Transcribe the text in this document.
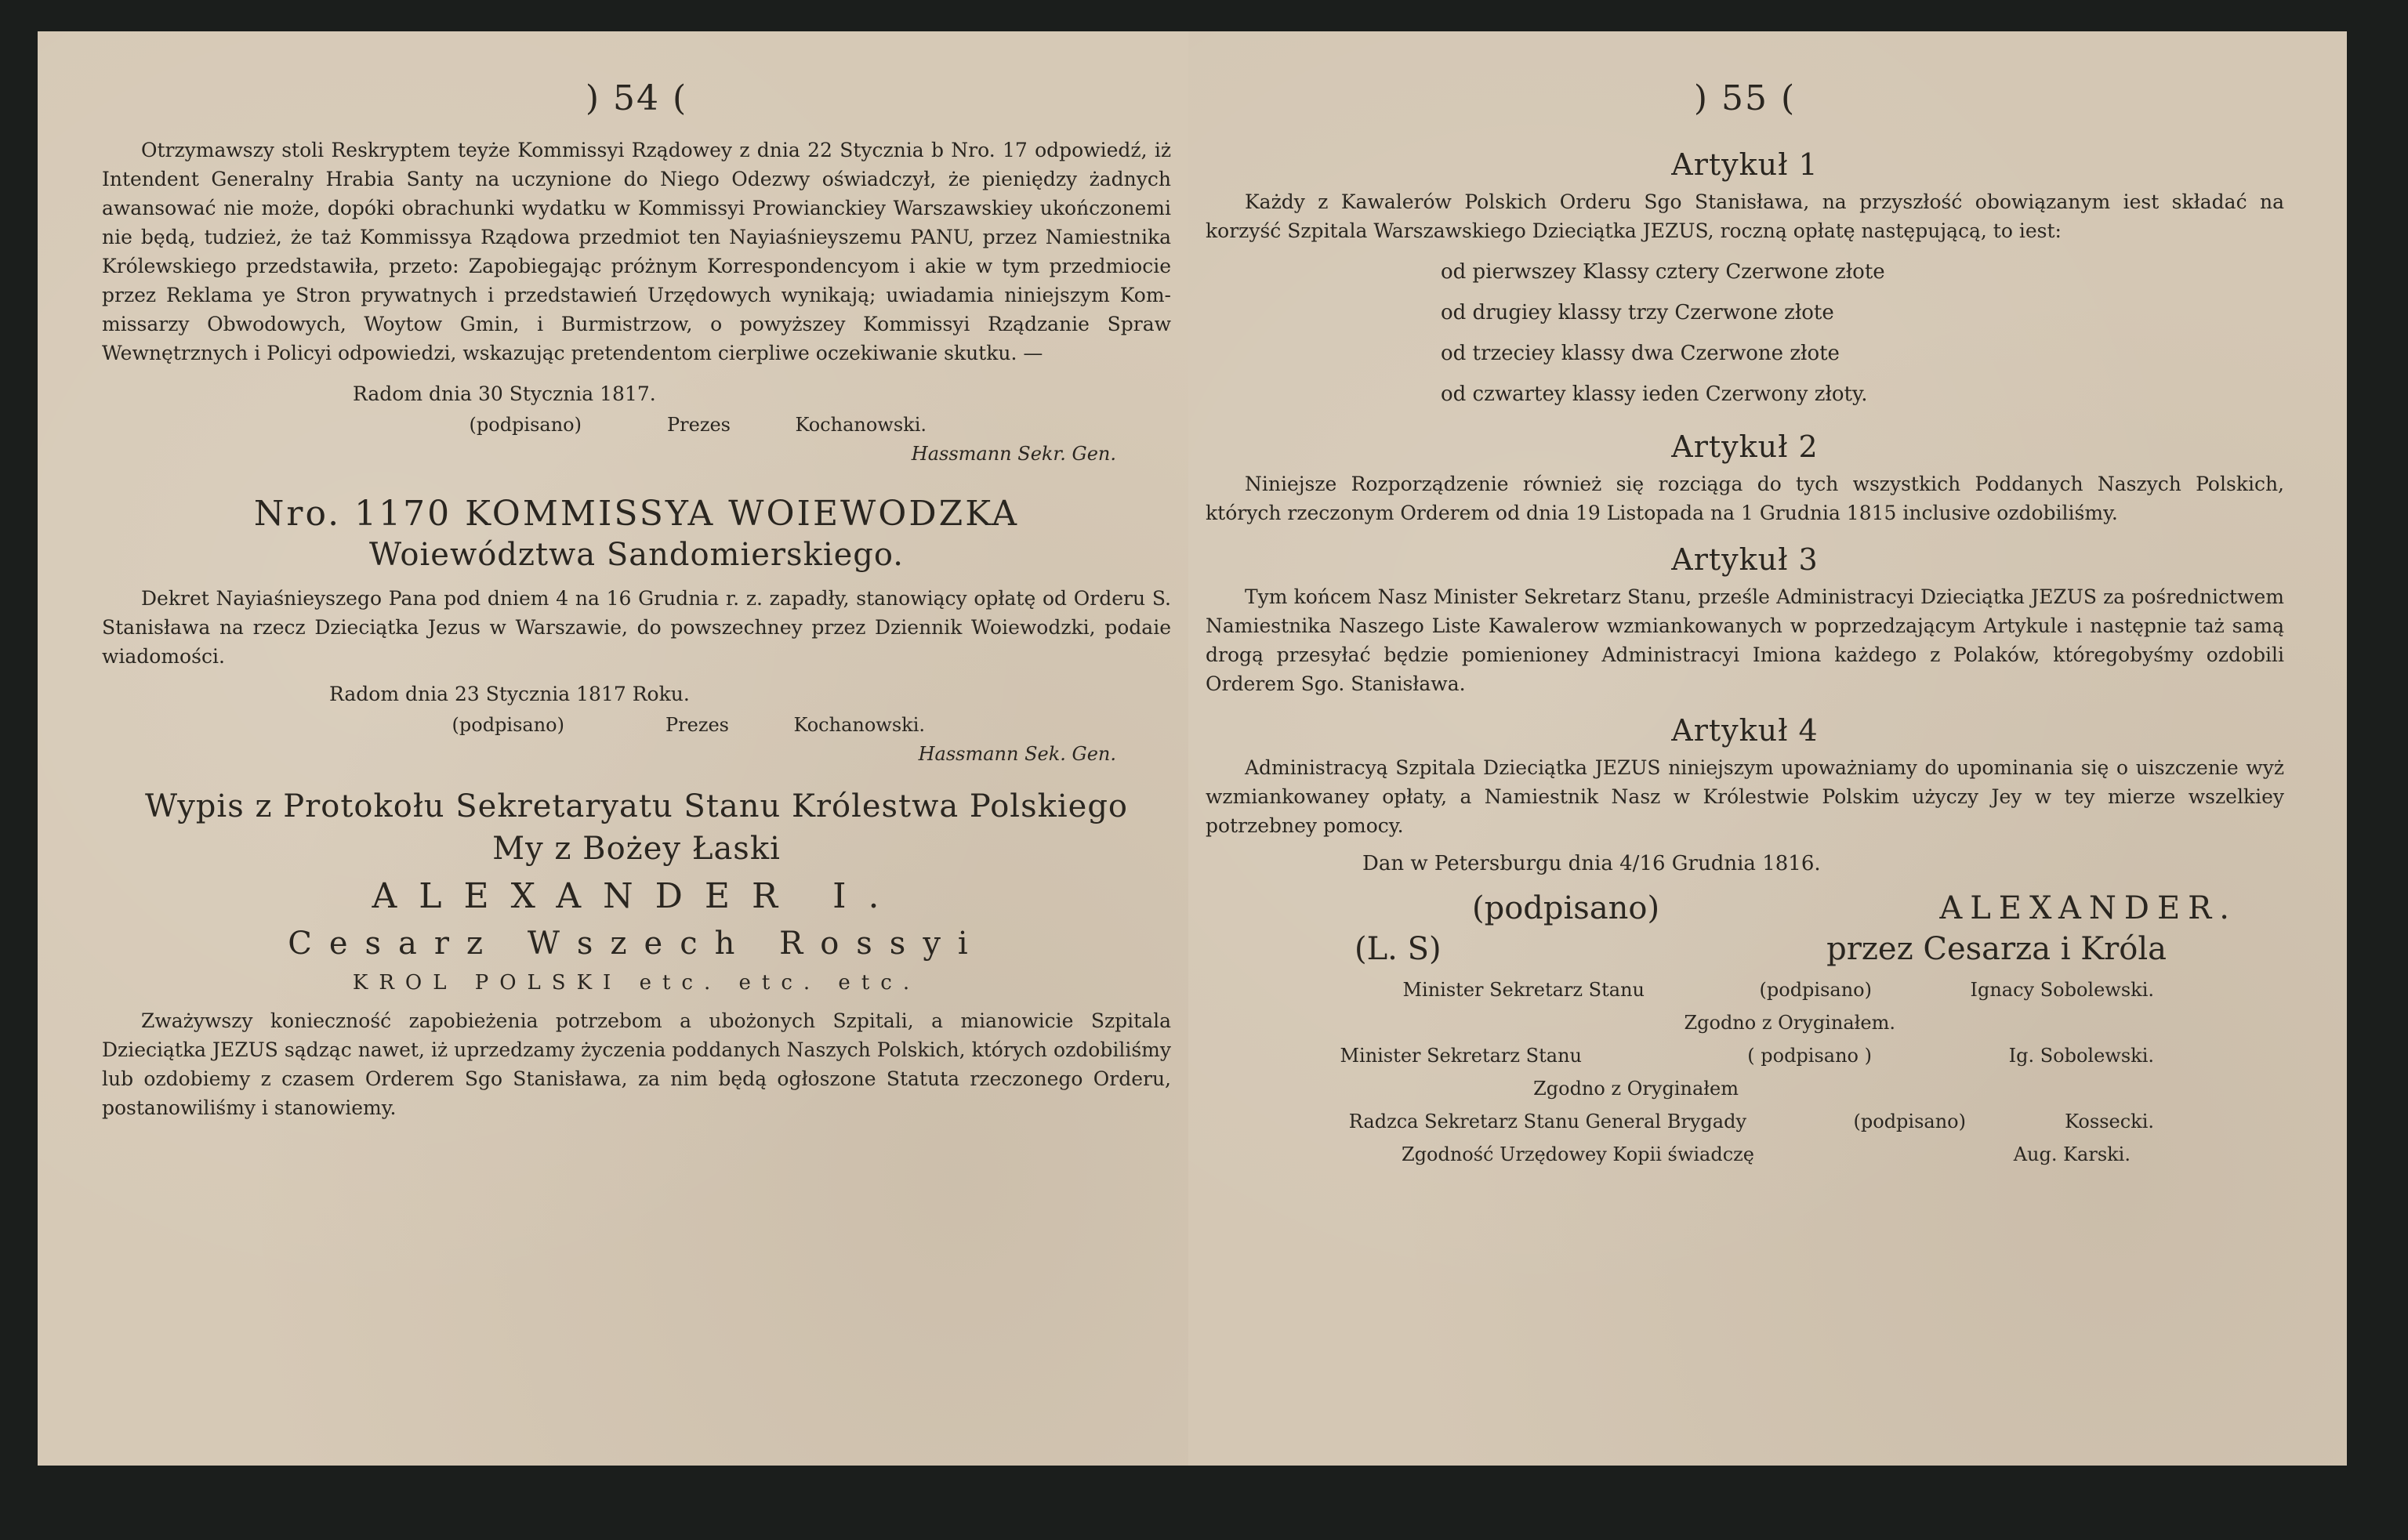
) 54 (

Otrzymawszy stoli Reskryptem teyże Kommissyi Rządowey z dnia 22 Stycznia b Nro. 17 odpowiedź, iż Intendent Generalny Hrabia Santy na uczynione do Niego Odezwy oświadczył, że pieniędzy żadnych awansować nie może, dopóki obrachunki wydatku w Kommissyi Prowianckiey Warszawskiey ukończonemi nie będą, tudzież, że taż Kommissya Rządowa przedmiot ten Nayiaśnieyszemu PANU, przez Namiestnika Królewskiego przedstawiła, przeto: Zapobiegając próżnym Korrespondencyom i akie w tym przedmiocie przez Reklama ye Stron prywatnych i przedstawień Urzędowych wynikają; uwiadamia niniejszym Kom-missarzy Obwodowych, Woytow Gmin, i Burmistrzow, o powyższey Kommissyi Rządzanie Spraw Wewnętrznych i Policyi odpowiedzi, wskazując pretendentom cierpliwe oczekiwanie skutku. —

Radom dnia 30 Stycznia 1817.
(podpisano)	Prezes	Kochanowski.
Hassmann Sekr. Gen.
Nro. 1170 KOMMISSYA WOIEWODZKA
Woiewództwa Sandomierskiego.

Dekret Nayiaśnieyszego Pana pod dniem 4 na 16 Grudnia r. z. zapadły, stanowiący opłatę od Orderu S. Stanisława na rzecz Dzieciątka Jezus w Warszawie, do powszechney przez Dziennik Woiewodzki, podaie wiadomości.

Radom dnia 23 Stycznia 1817 Roku.
(podpisano)	Prezes	Kochanowski.
Hassmann Sek. Gen.
Wypis z Protokołu Sekretaryatu Stanu Królestwa Polskiego
My z Bożey Łaski
ALEXANDER I.
Cesarz Wszech Rossyi
KROL POLSKI etc. etc. etc.

Zważywszy konieczność zapobieżenia potrzebom a ubożonych Szpitali, a mianowicie Szpitala Dzieciątka JEZUS sądząc nawet, iż uprzedzamy życzenia poddanych Naszych Polskich, których ozdobiliśmy lub ozdobiemy z czasem Orderem Sgo Stanisława, za nim będą ogłoszone Statuta rzeczonego Orderu, postanowiliśmy i stanowiemy.

) 55 (
Artykuł 1

Każdy z Kawalerów Polskich Orderu Sgo Stanisława, na przyszłość obowiązanym iest składać na korzyść Szpitala Warszawskiego Dzieciątka JEZUS, roczną opłatę następującą, to iest:

od pierwszey Klassy cztery Czerwone złote
od drugiey klassy trzy Czerwone złote
od trzeciey klassy dwa Czerwone złote
od czwartey klassy ieden Czerwony złoty.
Artykuł 2

Niniejsze Rozporządzenie również się rozciąga do tych wszystkich Poddanych Naszych Polskich, których rzeczonym Orderem od dnia 19 Listopada na 1 Grudnia 1815 inclusive ozdobiliśmy.

Artykuł 3

Tym końcem Nasz Minister Sekretarz Stanu, prześle Administracyi Dzieciątka JEZUS za pośrednictwem Namiestnika Naszego Liste Kawalerow wzmiankowanych w poprzedzającym Artykule i następnie taż samą drogą przesyłać będzie pomienioney Administracyi Imiona każdego z Polaków, któregobyśmy ozdobili Orderem Sgo. Stanisława.

Artykuł 4

Administracyą Szpitala Dzieciątka JEZUS niniejszym upoważniamy do upominania się o uiszczenie wyż wzmiankowaney opłaty, a Namiestnik Nasz w Królestwie Polskim użyczy Jey w tey mierze wszelkiey potrzebney pomocy.

Dan w Petersburgu dnia 4/16 Grudnia 1816.
(podpisano)	ALEXANDER.
(L. S)	przez Cesarza i Króla
Minister Sekretarz Stanu	(podpisano)	Ignacy Sobolewski.
Zgodno z Oryginałem.
Minister Sekretarz Stanu	( podpisano )	Ig. Sobolewski.
Zgodno z Oryginałem
Radzca Sekretarz Stanu General Brygady	(podpisano)	Kossecki.
Zgodność Urzędowey Kopii świadczę	Aug. Karski.
